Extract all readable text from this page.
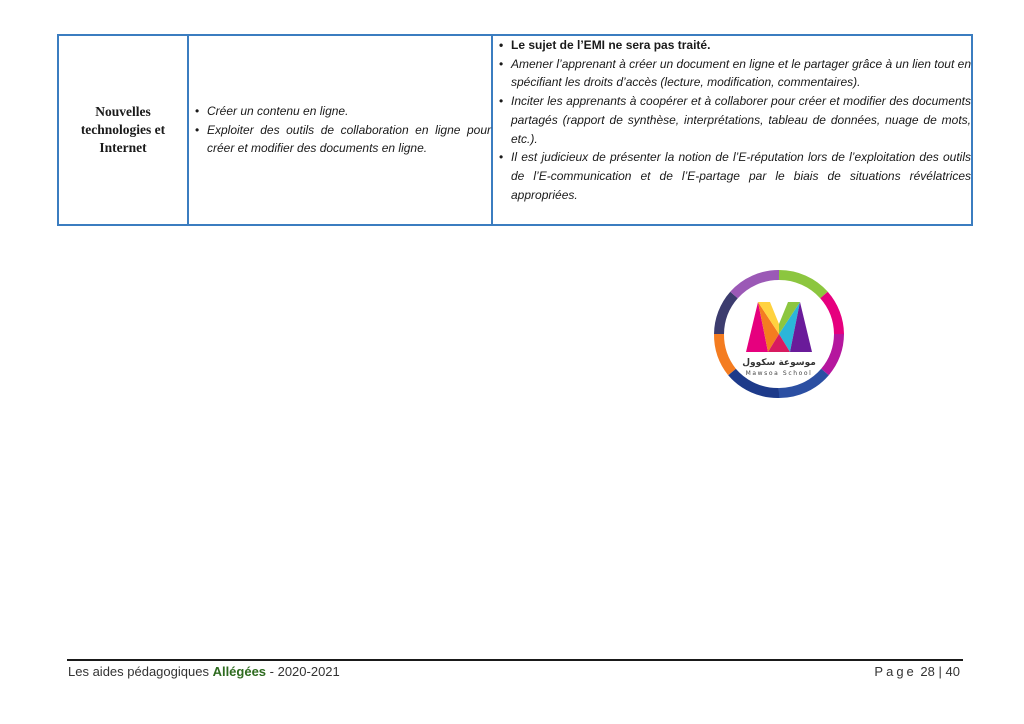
Nouvelles technologies et Internet

• Créer un contenu en ligne.
• Exploiter des outils de collaboration en ligne pour créer et modifier des documents en ligne.

• Le sujet de l’EMI ne sera pas traité.
• Amener l’apprenant à créer un document en ligne et le partager grâce à un lien tout en spécifiant les droits d’accès (lecture, modification, commentaires).
• Inciter les apprenants à coopérer et à collaborer pour créer et modifier des documents partagés (rapport de synthèse, interprétations, tableau de données, nuage de mots, etc.).
• Il est judicieux de présenter la notion de l’E-réputation lors de l’exploitation des outils de l’E-communication et de l’E-partage par le biais de situations révélatrices appropriées.
موسوعة سكوول
Mawsoa School
Les aides pédagogiques Allégées - 2020-2021	Page 28 | 40
